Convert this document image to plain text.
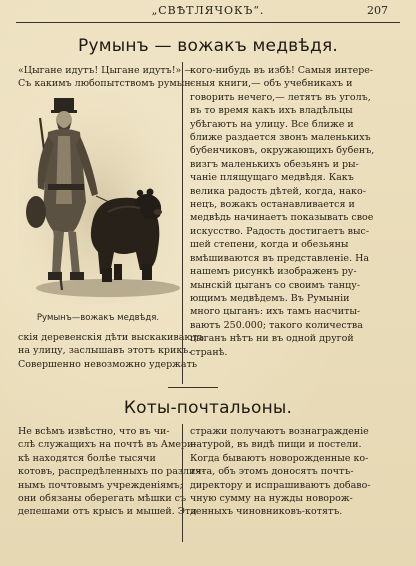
„СВѢТЛЯЧОКЪ“.	207
Румынъ — вожакъ медвѣдя.
«Цыгане идутъ! Цыгане идутъ!» —
Съ какимъ любопытствомъ румын-
Румынъ—вожакъ медвѣдя.
скія деревенскія дѣти выскакиваютъ
на улицу, заслышавъ этотъ крикъ.
Совершенно невозможно удержать
кого-нибудь въ избѣ! Самыя интере-
сныя книги,— объ учебникахъ и
говорить нечего,— летятъ въ уголъ,
въ то время какъ ихъ владѣльцы
убѣгаютъ на улицу. Все ближе и
ближе раздается звонъ маленькихъ
бубенчиковъ, окружающихъ бубенъ,
визгъ маленькихъ обезьянъ и ры-
чаніе плящущаго медвѣдя. Какъ
велика радость дѣтей, когда, нако-
нецъ, вожакъ останавливается и
медвѣдь начинаетъ показывать свое
искусство. Радость достигаетъ выс-
шей степени, когда и обезьяны
вмѣшиваются въ представленіе. На
нашемъ рисункѣ изображенъ ру-
мынскій цыганъ со своимъ танцу-
ющимъ медвѣдемъ. Въ Румыніи
много цыганъ: ихъ тамъ насчиты-
ваютъ 250.000; такого количества
цыганъ нѣтъ ни въ одной другой
странѣ.
Коты-почтальоны.
Не всѣмъ извѣстно, что въ чи-
слѣ служащихъ на почтѣ въ Амери-
кѣ находятся болѣе тысячи
котовъ, распредѣленныхъ по различ-
нымъ почтовымъ учрежденіямъ;
они обязаны оберегать мѣшки съ
депешами отъ крысъ и мышей. Эти
стражи получаютъ вознагражденіе
натурой, въ видѣ пищи и постели.
Когда бываютъ новорожденные ко-
тята, объ этомъ доносятъ почтъ-
директору и испрашиваютъ добаво-
чную сумму на нужды новорож-
денныхъ чиновниковъ-котятъ.
